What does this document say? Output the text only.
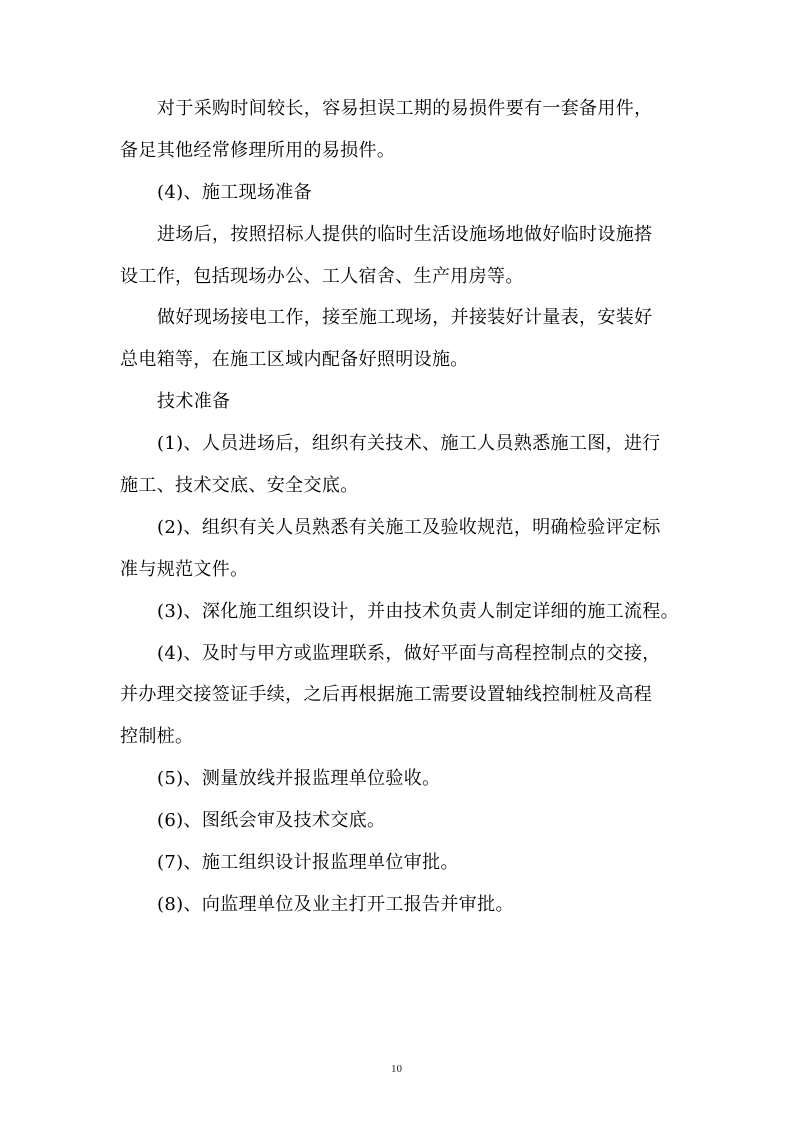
对于采购时间较长，容易担误工期的易损件要有一套备用件，
备足其他经常修理所用的易损件。
(4)、施工现场准备
进场后，按照招标人提供的临时生活设施场地做好临时设施搭
设工作，包括现场办公、工人宿舍、生产用房等。
做好现场接电工作，接至施工现场，并接装好计量表，安装好
总电箱等，在施工区域内配备好照明设施。
技术准备
(1)、人员进场后，组织有关技术、施工人员熟悉施工图，进行
施工、技术交底、安全交底。
(2)、组织有关人员熟悉有关施工及验收规范，明确检验评定标
准与规范文件。
(3)、深化施工组织设计，并由技术负责人制定详细的施工流程。
(4)、及时与甲方或监理联系，做好平面与高程控制点的交接，
并办理交接签证手续，之后再根据施工需要设置轴线控制桩及高程
控制桩。
(5)、测量放线并报监理单位验收。
(6)、图纸会审及技术交底。
(7)、施工组织设计报监理单位审批。
(8)、向监理单位及业主打开工报告并审批。
10
